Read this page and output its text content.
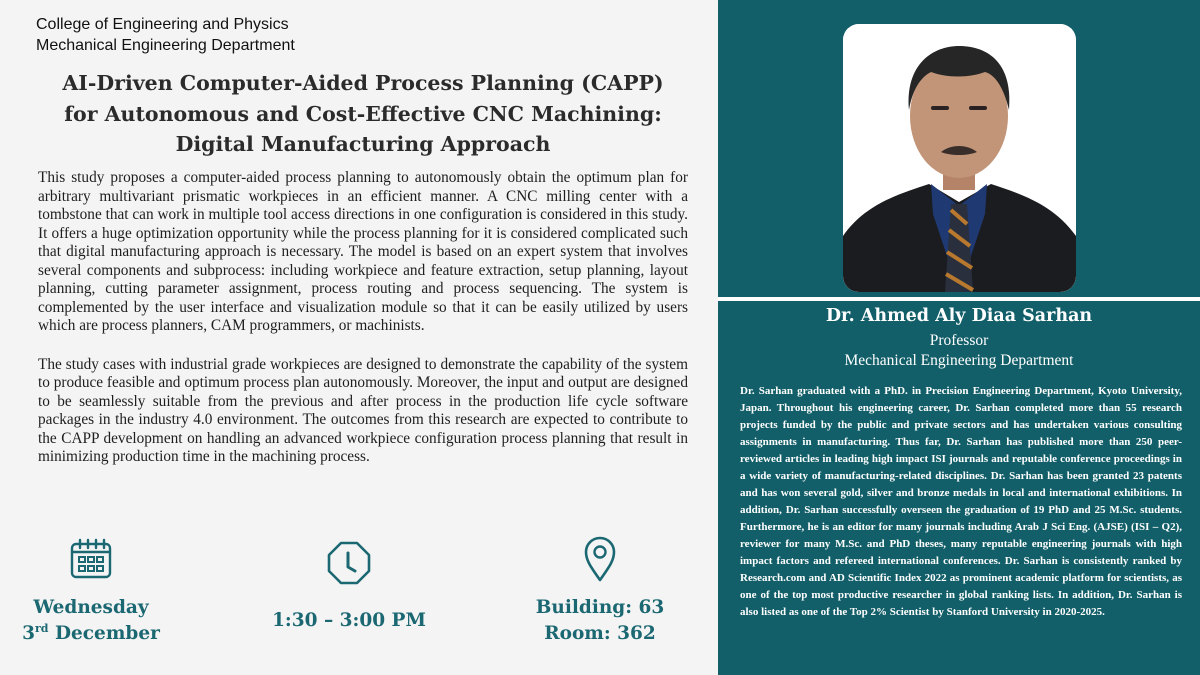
College of Engineering and Physics
Mechanical Engineering Department
AI-Driven Computer-Aided Process Planning (CAPP)
for Autonomous and Cost-Effective CNC Machining:
Digital Manufacturing Approach

This study proposes a computer-aided process planning to autonomously obtain the optimum plan for arbitrary multivariant prismatic workpieces in an efficient manner. A CNC milling center with a tombstone that can work in multiple tool access directions in one configuration is considered in this study. It offers a huge optimization opportunity while the process planning for it is considered complicated such that digital manufacturing approach is necessary. The model is based on an expert system that involves several components and subprocess: including workpiece and feature extraction, setup planning, layout planning, cutting parameter assignment, process routing and process sequencing. The system is complemented by the user interface and visualization module so that it can be easily utilized by users which are process planners, CAM programmers, or machinists.

The study cases with industrial grade workpieces are designed to demonstrate the capability of the system to produce feasible and optimum process plan autonomously. Moreover, the input and output are designed to be seamlessly suitable from the previous and after process in the production life cycle software packages in the industry 4.0 environment. The outcomes from this research are expected to contribute to the CAPP development on handling an advanced workpiece configuration process planning that result in minimizing production time in the machining process.

Wednesday
3rd December
1:30 – 3:00 PM
Building: 63
Room: 362
Dr. Ahmed Aly Diaa Sarhan
Professor
Mechanical Engineering Department
Dr. Sarhan graduated with a PhD. in Precision Engineering Department, Kyoto University, Japan. Throughout his engineering career, Dr. Sarhan completed more than 55 research projects funded by the public and private sectors and has undertaken various consulting assignments in manufacturing. Thus far, Dr. Sarhan has published more than 250 peer-reviewed articles in leading high impact ISI journals and reputable conference proceedings in a wide variety of manufacturing-related disciplines. Dr. Sarhan has been granted 23 patents and has won several gold, silver and bronze medals in local and international exhibitions. In addition, Dr. Sarhan successfully overseen the graduation of 19 PhD and 25 M.Sc. students. Furthermore, he is an editor for many journals including Arab J Sci Eng. (AJSE) (ISI – Q2), reviewer for many M.Sc. and PhD theses, many reputable engineering journals with high impact factors and refereed international conferences. Dr. Sarhan is consistently ranked by Research.com and AD Scientific Index 2022 as prominent academic platform for scientists, as one of the top most productive researcher in global ranking lists. In addition, Dr. Sarhan is also listed as one of the Top 2% Scientist by Stanford University in 2020-2025.
